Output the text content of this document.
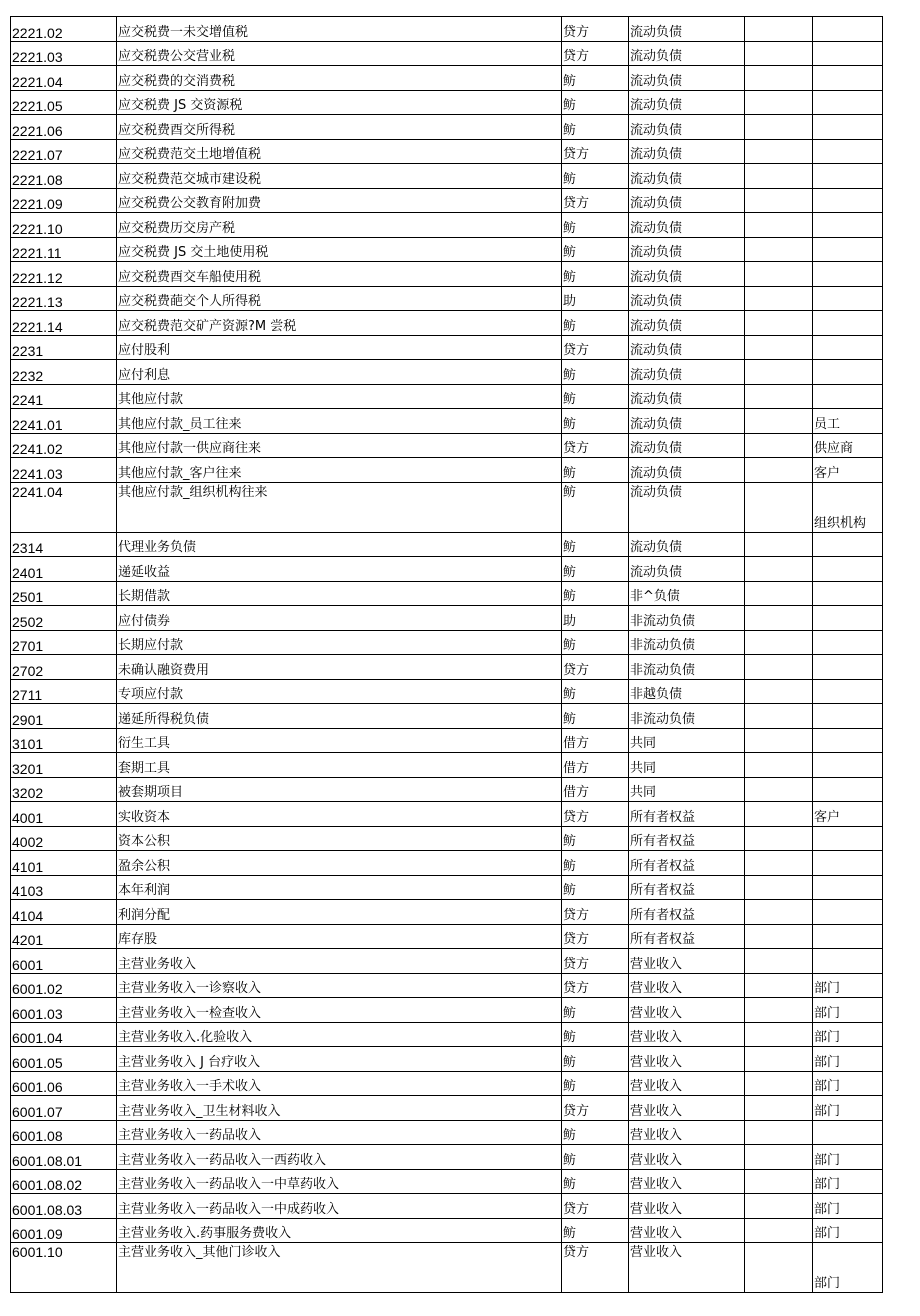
2221.02	应交税费一未交增值税	贷方	流动负债		
2221.03	应交税费公交营业税	贷方	流动负债		
2221.04	应交税费的交消费税	鲂	流动负债		
2221.05	应交税费 JS 交资源税	鲂	流动负债		
2221.06	应交税费酉交所得税	鲂	流动负债		
2221.07	应交税费范交土地增值税	贷方	流动负债		
2221.08	应交税费范交城市建设税	鲂	流动负债		
2221.09	应交税费公交教育附加费	贷方	流动负债		
2221.10	应交税费历交房产税	鲂	流动负债		
2221.11	应交税费 JS 交土地使用税	鲂	流动负债		
2221.12	应交税费酉交车船使用税	鲂	流动负债		
2221.13	应交税费葩交个人所得税	助	流动负债		
2221.14	应交税费范交矿产资源?M 尝税	鲂	流动负债		
2231	应付股利	贷方	流动负债		
2232	应付利息	鲂	流动负债		
2241	其他应付款	鲂	流动负债		
2241.01	其他应付款_员工往来	鲂	流动负债		员工
2241.02	其他应付款一供应商往来	贷方	流动负债		供应商
2241.03	其他应付款_客户往来	鲂	流动负债		客户
2241.04	其他应付款_组织机构往来	鲂	流动负债		组织机构
2314	代理业务负债	鲂	流动负债		
2401	递延收益	鲂	流动负债		
2501	长期借款	鲂	非^负债		
2502	应付债券	助	非流动负债		
2701	长期应付款	鲂	非流动负债		
2702	未确认融资费用	贷方	非流动负债		
2711	专项应付款	鲂	非越负债		
2901	递延所得税负债	鲂	非流动负债		
3101	衍生工具	借方	共同		
3201	套期工具	借方	共同		
3202	被套期项目	借方	共同		
4001	实收资本	贷方	所有者权益		客户
4002	资本公积	鲂	所有者权益		
4101	盈余公积	鲂	所有者权益		
4103	本年利润	鲂	所有者权益		
4104	利润分配	贷方	所有者权益		
4201	库存股	贷方	所有者权益		
6001	主营业务收入	贷方	营业收入		
6001.02	主营业务收入一诊察收入	贷方	营业收入		部门
6001.03	主营业务收入一检查收入	鲂	营业收入		部门
6001.04	主营业务收入.化验收入	鲂	营业收入		部门
6001.05	主营业务收入 J 台疗收入	鲂	营业收入		部门
6001.06	主营业务收入一手术收入	鲂	营业收入		部门
6001.07	主营业务收入_卫生材料收入	贷方	营业收入		部门
6001.08	主营业务收入一药品收入	鲂	营业收入		
6001.08.01	主营业务收入一药品收入一西药收入	鲂	营业收入		部门
6001.08.02	主营业务收入一药品收入一中草药收入	鲂	营业收入		部门
6001.08.03	主营业务收入一药品收入一中成药收入	贷方	营业收入		部门
6001.09	主营业务收入.药事服务费收入	鲂	营业收入		部门
6001.10	主营业务收入_其他门诊收入	贷方	营业收入		部门
